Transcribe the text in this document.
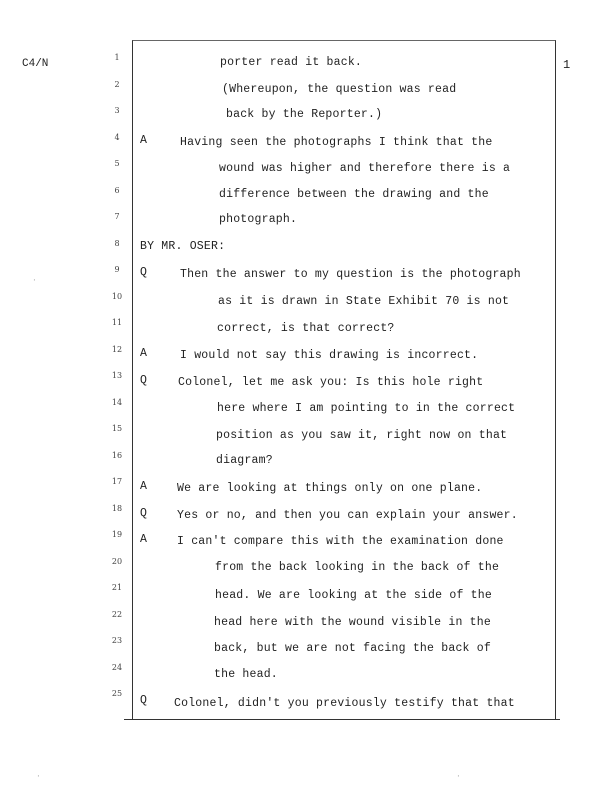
C4/N	1
1
2
3
4
5
6
7
8
9
10
11
12
13
14
15
16
17
18
19
20
21
22
23
24
25
A
Q
A
Q
A
Q
A
Q
porter read it back.
(Whereupon, the question was read
back by the Reporter.)
Having seen the photographs I think that the
wound was higher and therefore there is a
difference between the drawing and the
photograph.
BY MR. OSER:
Then the answer to my question is the photograph
as it is drawn in State Exhibit 70 is not
correct, is that correct?
I would not say this drawing is incorrect.
Colonel, let me ask you: Is this hole right
here where I am pointing to in the correct
position as you saw it, right now on that
diagram?
We are looking at things only on one plane.
Yes or no, and then you can explain your answer.
I can't compare this with the examination done
from the back looking in the back of the
head. We are looking at the side of the
head here with the wound visible in the
back, but we are not facing the back of
the head.
Colonel, didn't you previously testify that that
·
·	·
